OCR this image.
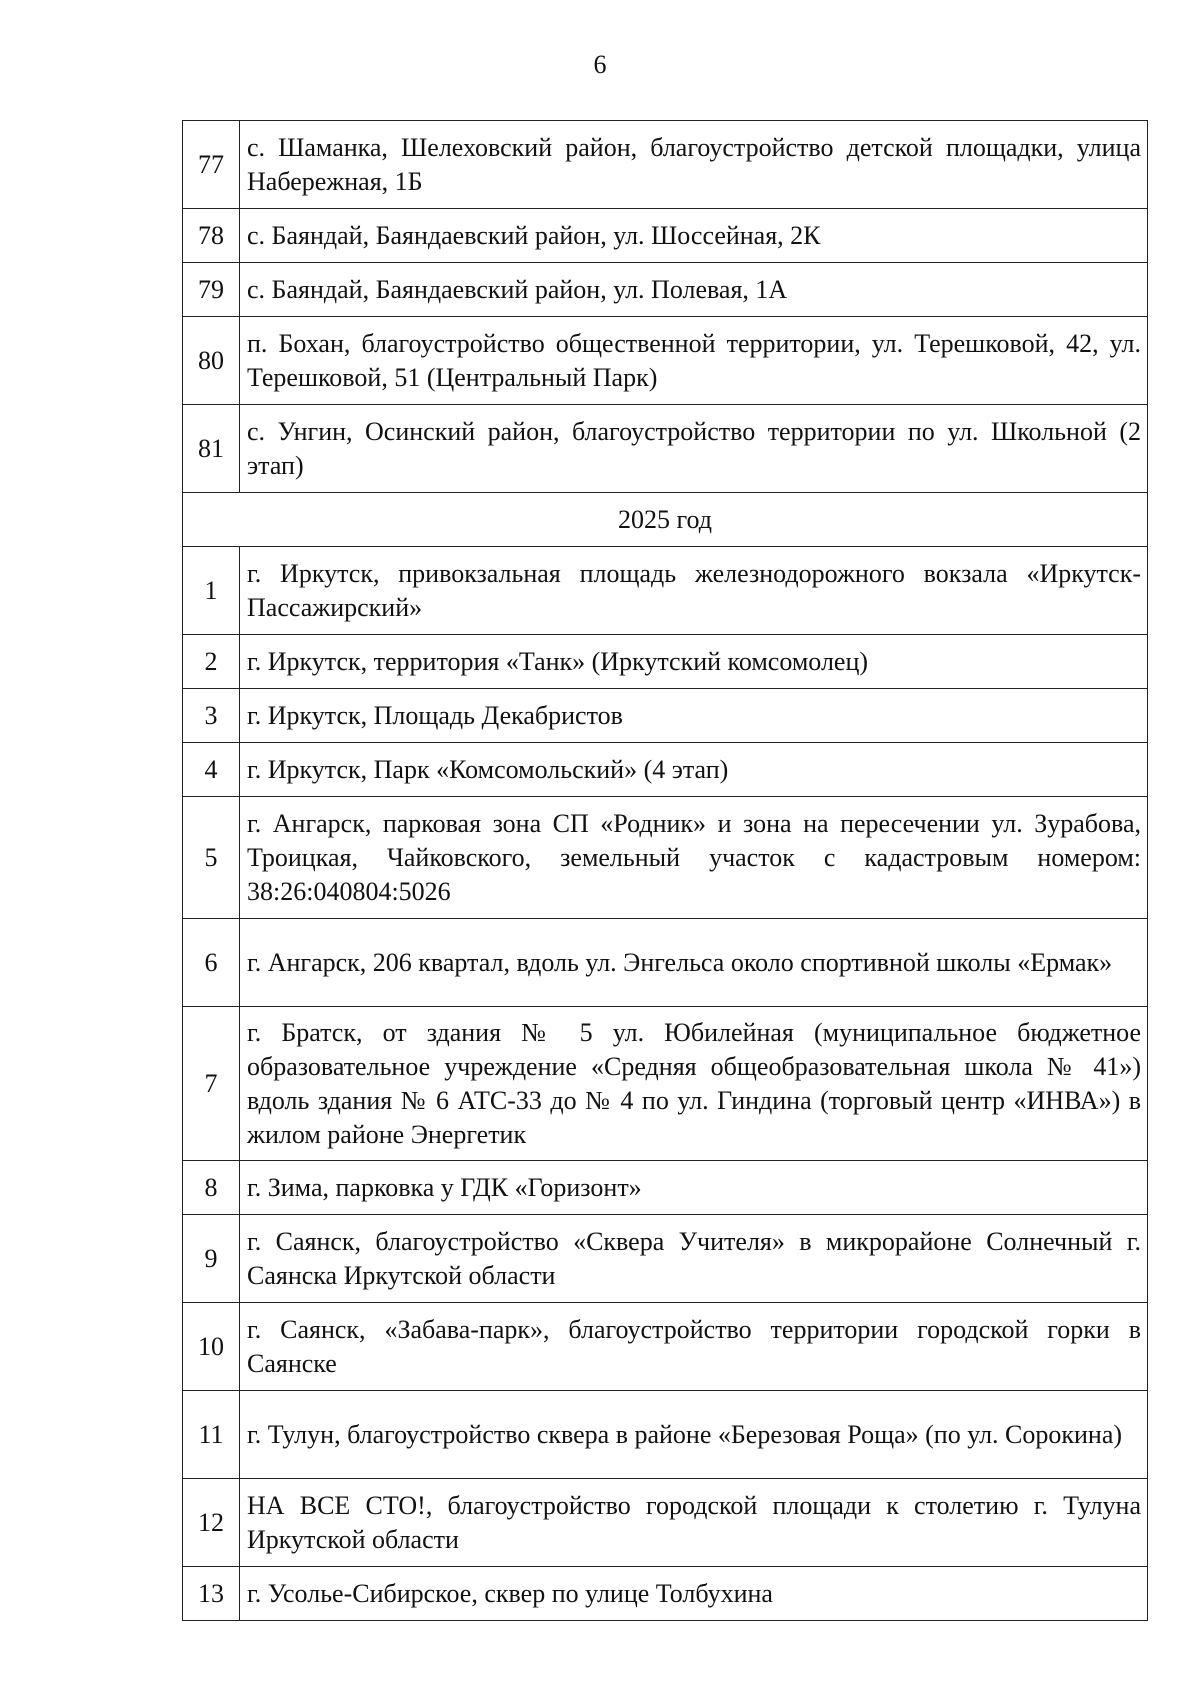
6
77	с. Шаманка, Шелеховский район, благоустройство детской площадки, улица Набережная, 1Б
78	с. Баяндай, Баяндаевский район, ул. Шоссейная, 2К
79	с. Баяндай, Баяндаевский район, ул. Полевая, 1А
80	п. Бохан, благоустройство общественной территории, ул. Терешковой, 42, ул. Терешковой, 51 (Центральный Парк)
81	с. Унгин, Осинский район, благоустройство территории по ул. Школьной (2 этап)
2025 год	
1	г. Иркутск, привокзальная площадь железнодорожного вокзала «Иркутск-Пассажирский»
2	г. Иркутск, территория «Танк» (Иркутский комсомолец)
3	г. Иркутск, Площадь Декабристов
4	г. Иркутск, Парк «Комсомольский» (4 этап)
5	г. Ангарск, парковая зона СП «Родник» и зона на пересечении ул. Зурабова, Троицкая, Чайковского, земельный участок с кадастровым номером: 38:26:040804:5026
6	г. Ангарск, 206 квартал, вдоль ул. Энгельса около спортивной школы «Ермак»
7	г. Братск, от здания № 5 ул. Юбилейная (муниципальное бюджетное образовательное учреждение «Средняя общеобразовательная школа № 41») вдоль здания № 6 АТС-33 до № 4 по ул. Гиндина (торговый центр «ИНВА») в жилом районе Энергетик
8	г. Зима, парковка у ГДК «Горизонт»
9	г. Саянск, благоустройство «Сквера Учителя» в микрорайоне Солнечный г. Саянска Иркутской области
10	г. Саянск, «Забава-парк», благоустройство территории городской горки в Саянске
11	г. Тулун, благоустройство сквера в районе «Березовая Роща» (по ул. Сорокина)
12	НА ВСЕ СТО!, благоустройство городской площади к столетию г. Тулуна Иркутской области
13	г. Усолье-Сибирское, сквер по улице Толбухина
